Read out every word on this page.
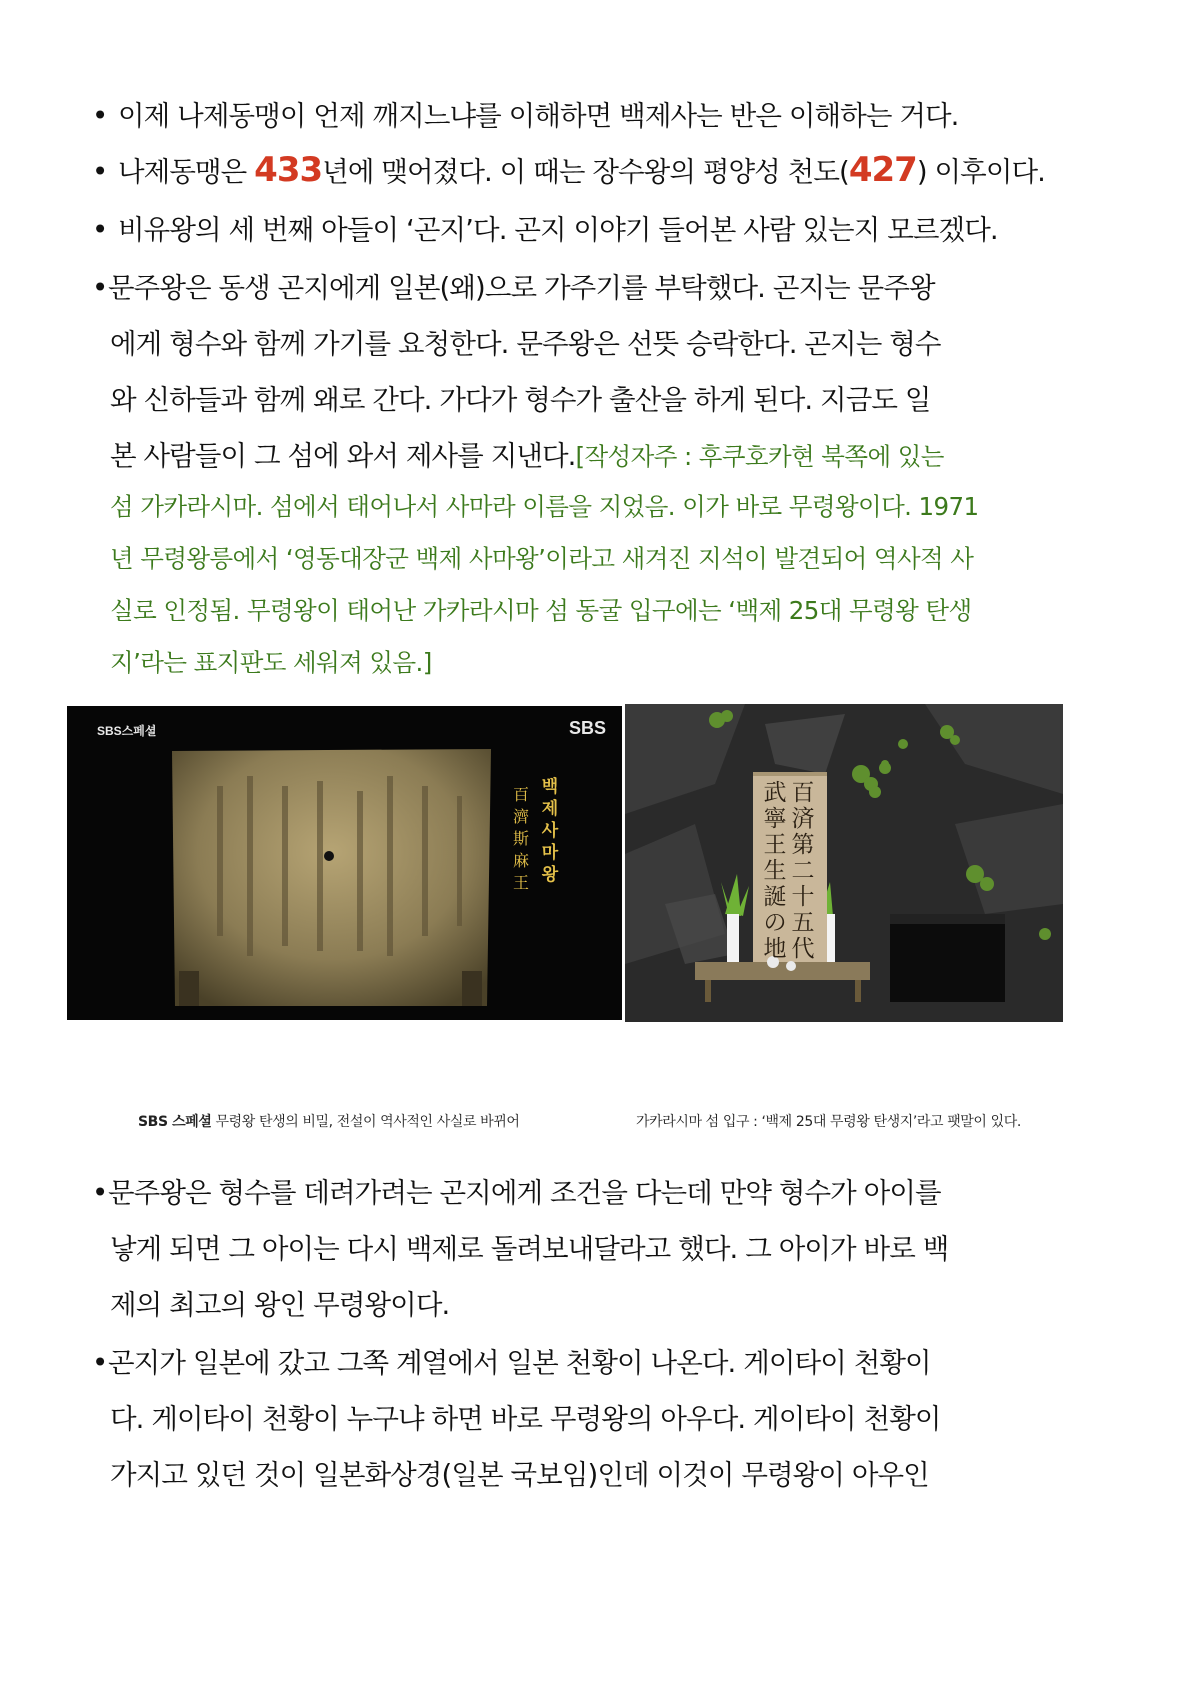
• 이제 나제동맹이 언제 깨지느냐를 이해하면 백제사는 반은 이해하는 거다.
• 나제동맹은 433년에 맺어졌다. 이 때는 장수왕의 평양성 천도(427) 이후이다.
• 비유왕의 세 번째 아들이 ‘곤지’다. 곤지 이야기 들어본 사람 있는지 모르겠다.
•문주왕은 동생 곤지에게 일본(왜)으로 가주기를 부탁했다. 곤지는 문주왕
에게 형수와 함께 가기를 요청한다. 문주왕은 선뜻 승락한다. 곤지는 형수
와 신하들과 함께 왜로 간다. 가다가 형수가 출산을 하게 된다. 지금도 일
본 사람들이 그 섬에 와서 제사를 지낸다.[작성자주 : 후쿠호카현 북쪽에 있는
섬 가카라시마. 섬에서 태어나서 사마라 이름을 지었음. 이가 바로 무령왕이다. 1971
년 무령왕릉에서 ‘영동대장군 백제 사마왕’이라고 새겨진 지석이 발견되어 역사적 사
실로 인정됨. 무령왕이 태어난 가카라시마 섬 동굴 입구에는 ‘백제 25대 무령왕 탄생
지’라는 표지판도 세워져 있음.]
SBS스페셜	SBS
백제 사마왕
百濟 斯麻王
百済第二十五代
武寧王生誕の地
SBS 스페셜 무령왕 탄생의 비밀, 전설이 역사적인 사실로 바뀌어	가카라시마 섬 입구 : ‘백제 25대 무령왕 탄생지’라고 팻말이 있다.
•문주왕은 형수를 데려가려는 곤지에게 조건을 다는데 만약 형수가 아이를
낳게 되면 그 아이는 다시 백제로 돌려보내달라고 했다. 그 아이가 바로 백
제의 최고의 왕인 무령왕이다.
•곤지가 일본에 갔고 그쪽 계열에서 일본 천황이 나온다. 게이타이 천황이
다. 게이타이 천황이 누구냐 하면 바로 무령왕의 아우다. 게이타이 천황이
가지고 있던 것이 일본화상경(일본 국보임)인데 이것이 무령왕이 아우인
